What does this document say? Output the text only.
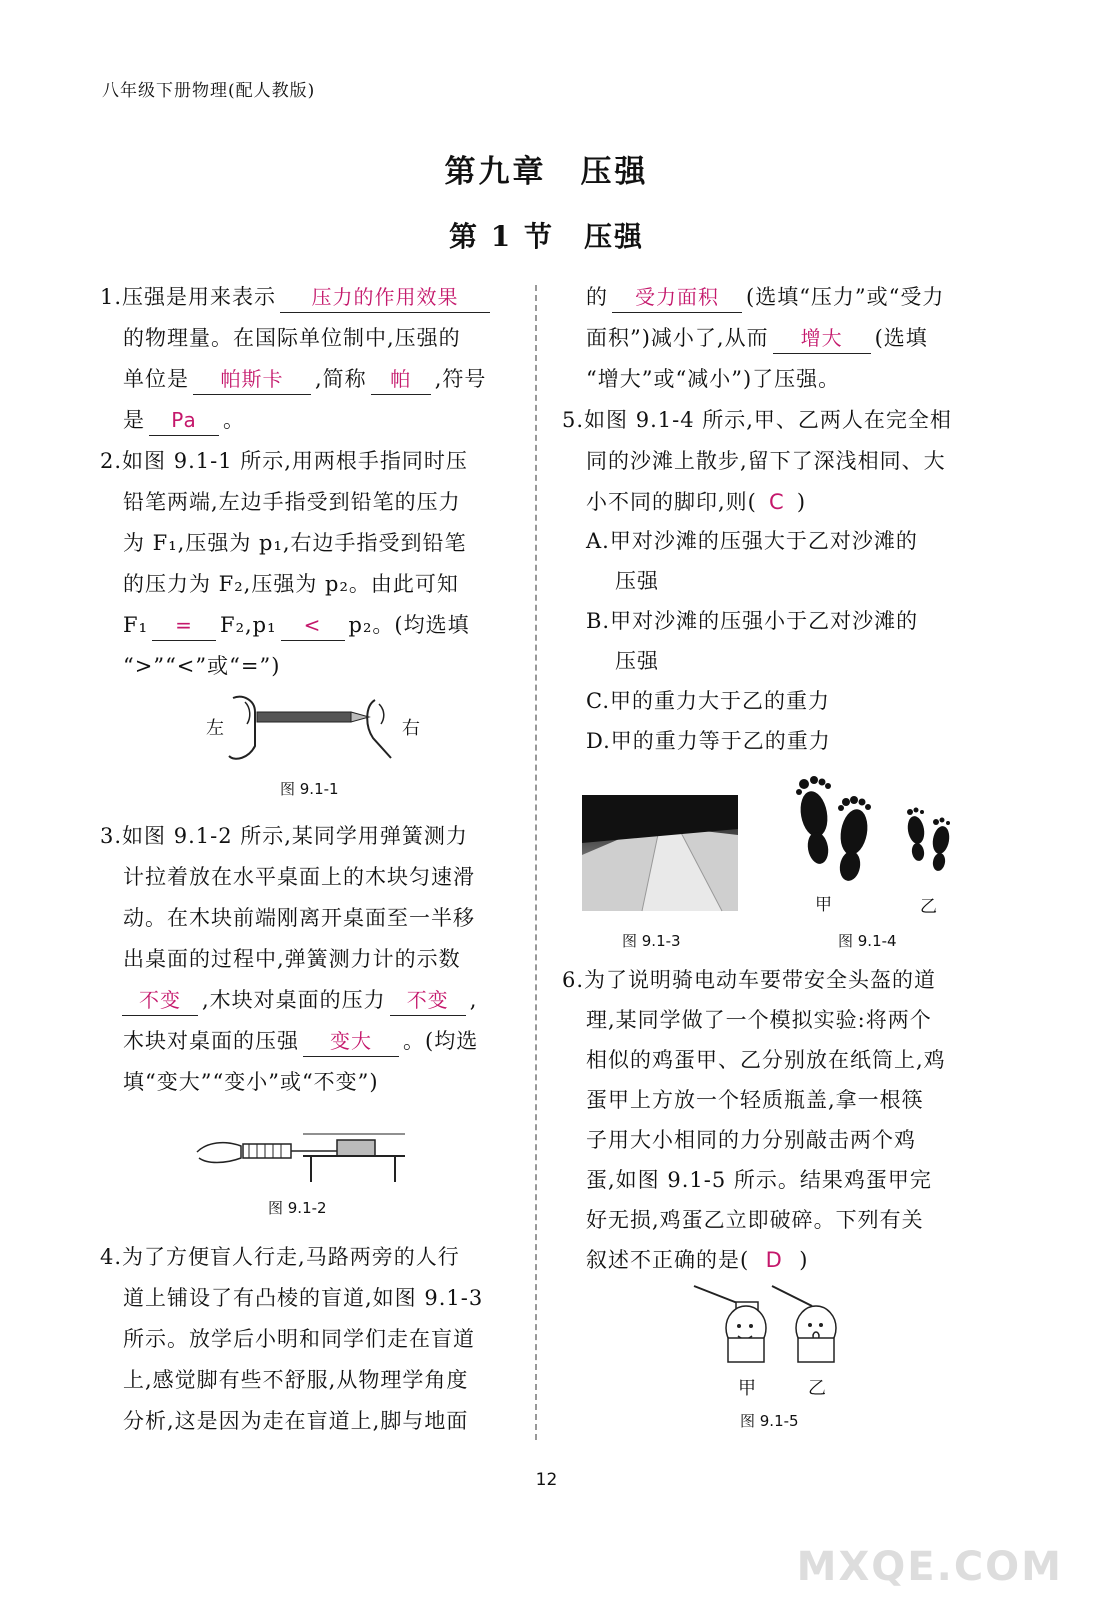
八年级下册物理(配人教版)
第九章　压强
第 1 节　压强
1.压强是用来表示 压力的作用效果
的物理量。在国际单位制中,压强的
单位是 帕斯卡 ,简称 帕 ,符号
是 Pa 。
2.如图 9.1-1 所示,用两根手指同时压
铅笔两端,左边手指受到铅笔的压力
为 F₁,压强为 p₁,右边手指受到铅笔
的压力为 F₂,压强为 p₂。由此可知
F₁ = F₂,p₁ < p₂。(均选填
“>”“<”或“=”)
左	右
图 9.1-1
3.如图 9.1-2 所示,某同学用弹簧测力
计拉着放在水平桌面上的木块匀速滑
动。在木块前端刚离开桌面至一半移
出桌面的过程中,弹簧测力计的示数
不变 ,木块对桌面的压力 不变 ,
木块对桌面的压强 变大 。(均选
填“变大”“变小”或“不变”)
图 9.1-2
4.为了方便盲人行走,马路两旁的人行
道上铺设了有凸棱的盲道,如图 9.1-3
所示。放学后小明和同学们走在盲道
上,感觉脚有些不舒服,从物理学角度
分析,这是因为走在盲道上,脚与地面
的 受力面积 (选填“压力”或“受力
面积”)减小了,从而 增大 (选填
“增大”或“减小”)了压强。
5.如图 9.1-4 所示,甲、乙两人在完全相
同的沙滩上散步,留下了深浅相同、大
小不同的脚印,则( C )
A.甲对沙滩的压强大于乙对沙滩的
压强
B.甲对沙滩的压强小于乙对沙滩的
压强
C.甲的重力大于乙的重力
D.甲的重力等于乙的重力
图 9.1-3
甲	乙
图 9.1-4
6.为了说明骑电动车要带安全头盔的道
理,某同学做了一个模拟实验:将两个
相似的鸡蛋甲、乙分别放在纸筒上,鸡
蛋甲上方放一个轻质瓶盖,拿一根筷
子用大小相同的力分别敲击两个鸡
蛋,如图 9.1-5 所示。结果鸡蛋甲完
好无损,鸡蛋乙立即破碎。下列有关
叙述不正确的是( D )
甲	乙
图 9.1-5
12
MXQE.COM
